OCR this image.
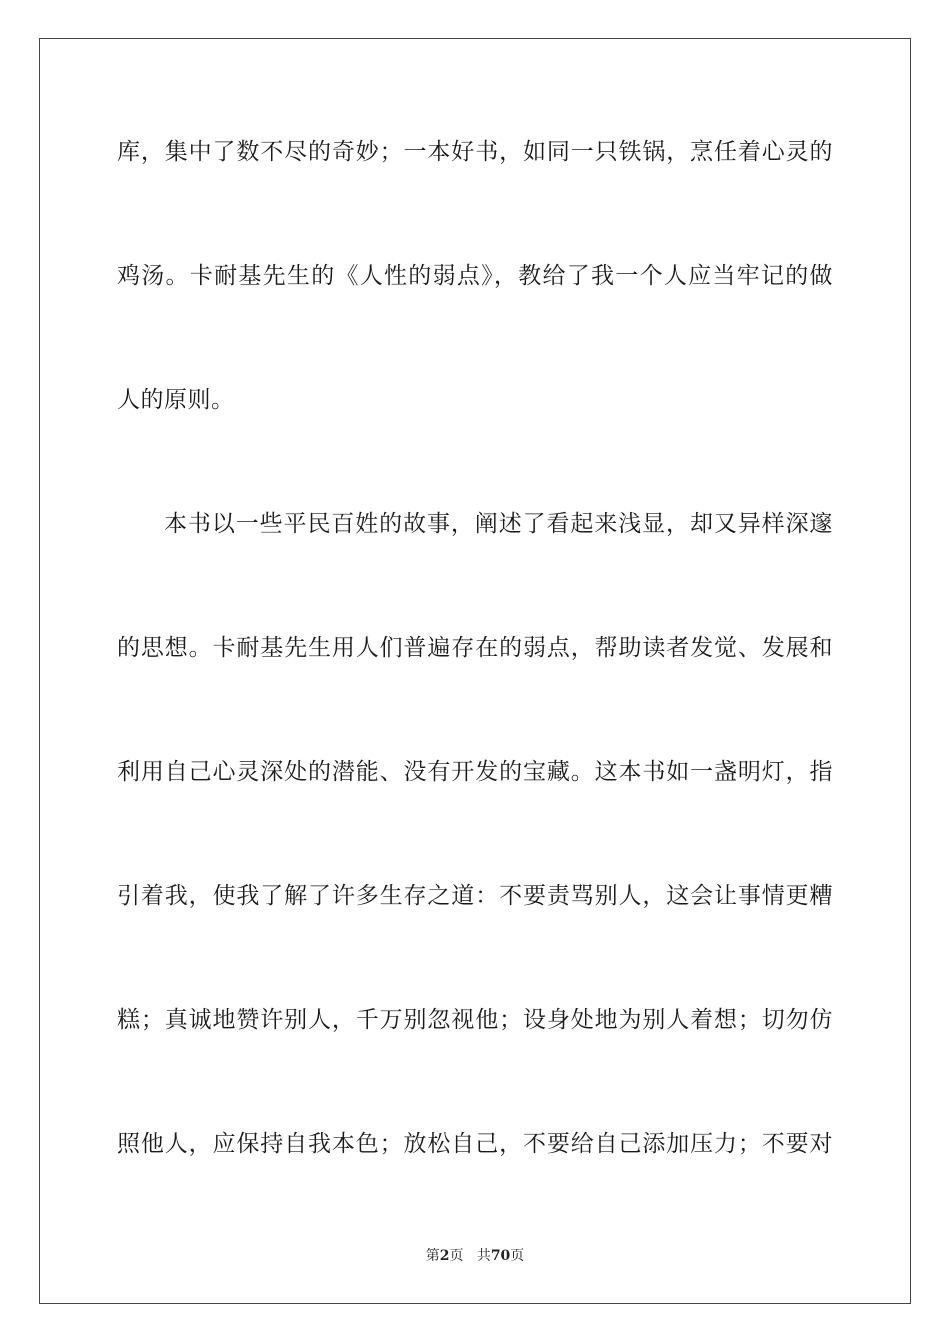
库，集中了数不尽的奇妙；一本好书，如同一只铁锅，烹任着心灵的
鸡汤。卡耐基先生的《人性的弱点》，教给了我一个人应当牢记的做
人的原则。
本书以一些平民百姓的故事，阐述了看起来浅显，却又异样深邃
的思想。卡耐基先生用人们普遍存在的弱点，帮助读者发觉、发展和
利用自己心灵深处的潜能、没有开发的宝藏。这本书如一盏明灯，指
引着我，使我了解了许多生存之道：不要责骂别人，这会让事情更糟
糕；真诚地赞许别人，千万别忽视他；设身处地为别人着想；切勿仿
照他人，应保持自我本色；放松自己，不要给自己添加压力；不要对
第2页 共70页
